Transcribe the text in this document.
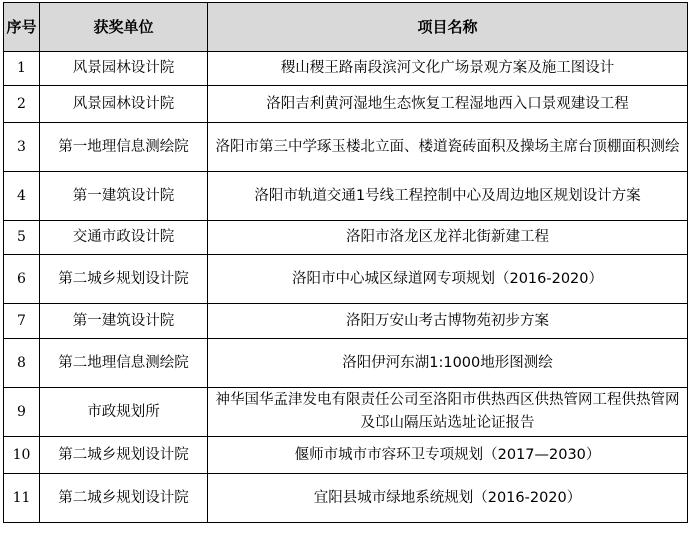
序号	获奖单位	项目名称
1	风景园林设计院	稷山稷王路南段滨河文化广场景观方案及施工图设计
2	风景园林设计院	洛阳吉利黄河湿地生态恢复工程湿地西入口景观建设工程
3	第一地理信息测绘院	洛阳市第三中学琢玉楼北立面、楼道瓷砖面积及操场主席台顶棚面积测绘
4	第一建筑设计院	洛阳市轨道交通1号线工程控制中心及周边地区规划设计方案
5	交通市政设计院	洛阳市洛龙区龙祥北街新建工程
6	第二城乡规划设计院	洛阳市中心城区绿道网专项规划（2016-2020）
7	第一建筑设计院	洛阳万安山考古博物苑初步方案
8	第二地理信息测绘院	洛阳伊河东湖1:1000地形图测绘
9	市政规划所	神华国华孟津发电有限责任公司至洛阳市供热西区供热管网工程供热管网及邙山隔压站选址论证报告
10	第二城乡规划设计院	偃师市城市市容环卫专项规划（2017—2030）
11	第二城乡规划设计院	宜阳县城市绿地系统规划（2016-2020）
